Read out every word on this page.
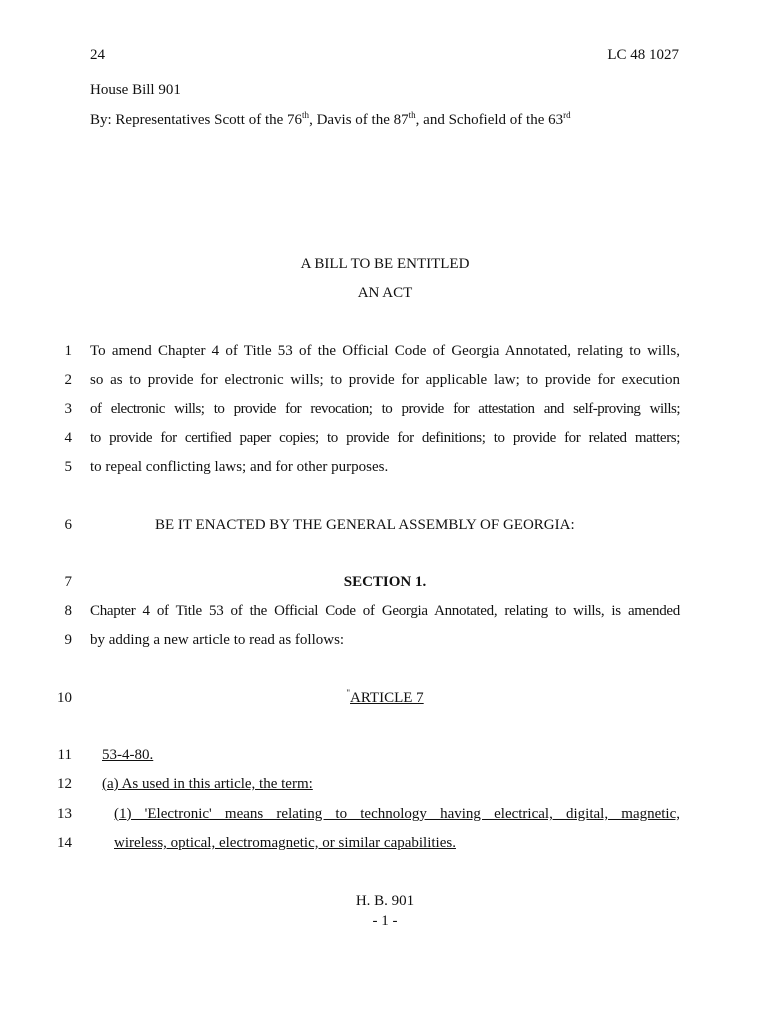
24	LC 48 1027
House Bill 901
By: Representatives Scott of the 76th, Davis of the 87th, and Schofield of the 63rd
A BILL TO BE ENTITLED
AN ACT
1 To amend Chapter 4 of Title 53 of the Official Code of Georgia Annotated, relating to wills,
2 so as to provide for electronic wills; to provide for applicable law; to provide for execution
3 of electronic wills; to provide for revocation; to provide for attestation and self-proving wills;
4 to provide for certified paper copies; to provide for definitions; to provide for related matters;
5 to repeal conflicting laws; and for other purposes.
6	BE IT ENACTED BY THE GENERAL ASSEMBLY OF GEORGIA:
7	SECTION 1.
8 Chapter 4 of Title 53 of the Official Code of Georgia Annotated, relating to wills, is amended
9 by adding a new article to read as follows:
10	"ARTICLE 7
11 53-4-80.
12 (a) As used in this article, the term:
13	(1) 'Electronic' means relating to technology having electrical, digital, magnetic,
14	wireless, optical, electromagnetic, or similar capabilities.
H. B. 901
- 1 -
